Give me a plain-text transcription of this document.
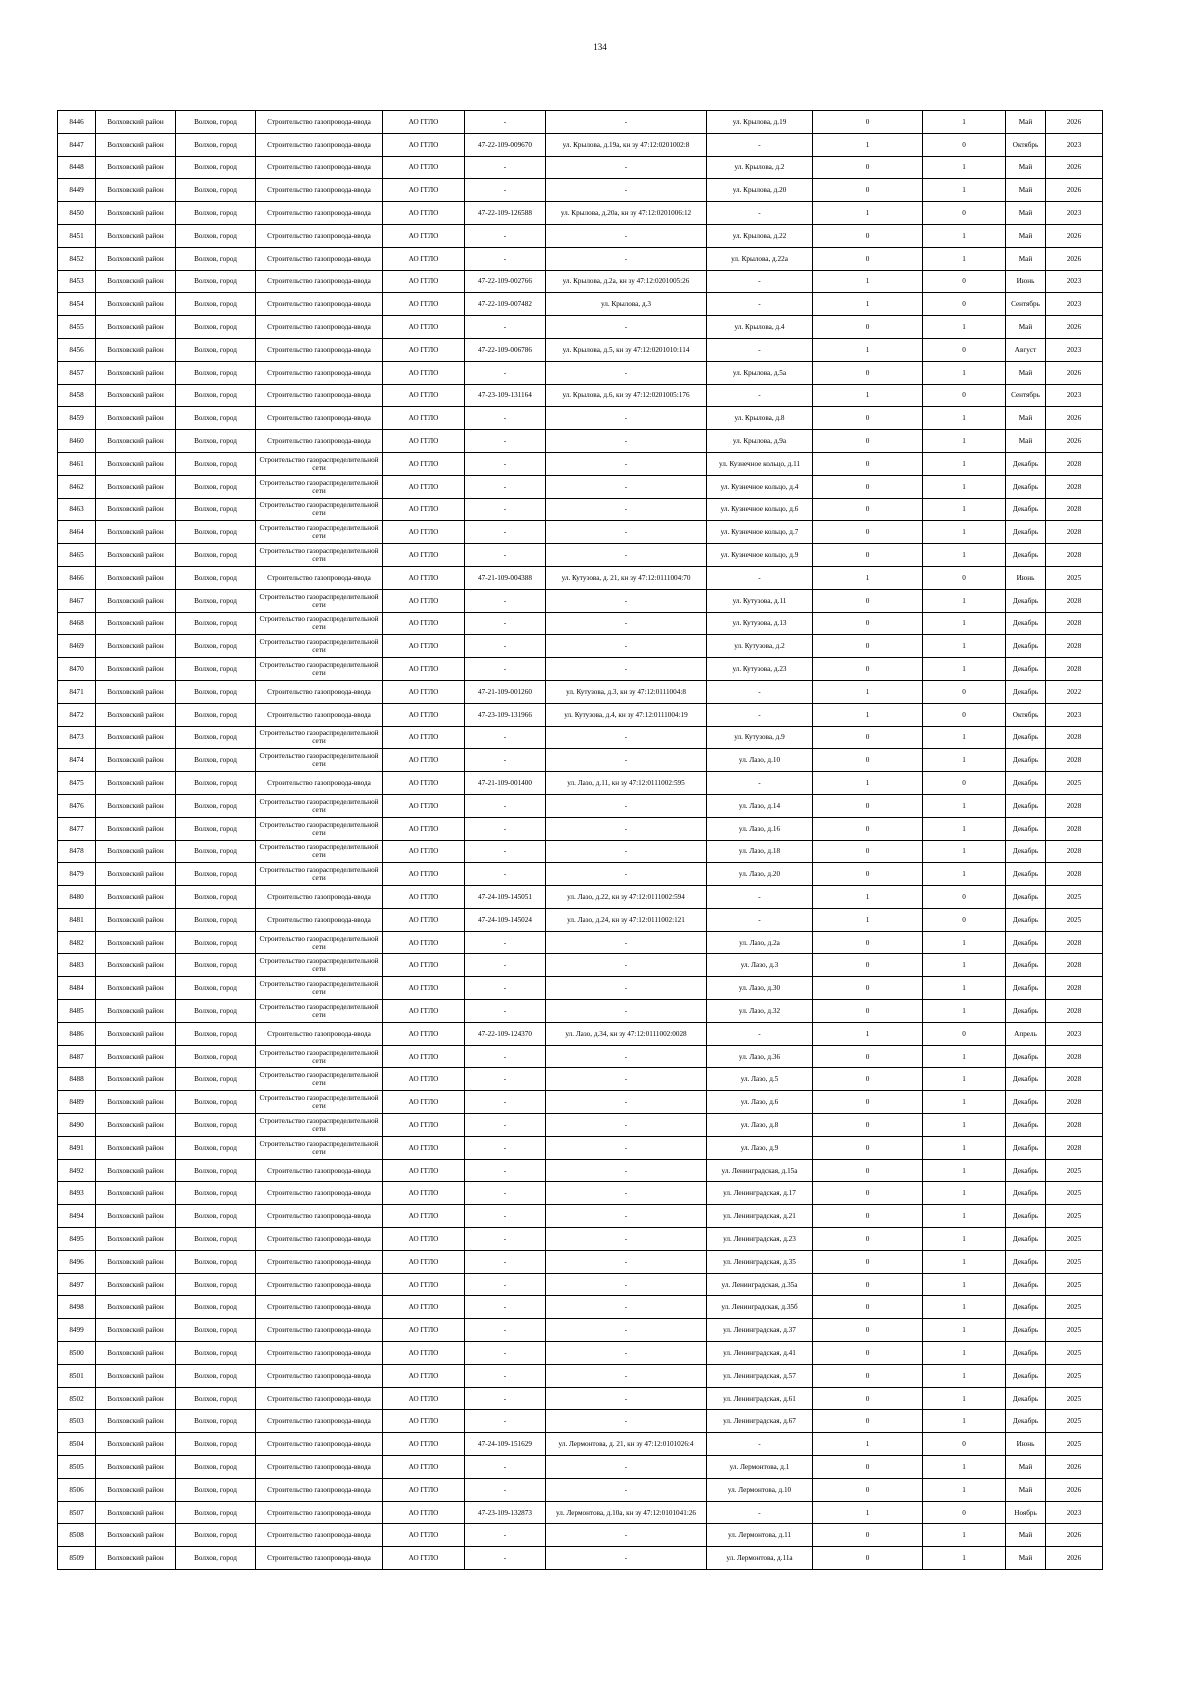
134
8446	Волховский район	Волхов, город	Строительство газопровода-ввода	АО ГГЛО	-	-	ул. Крылова, д.19	0	1	Май	2026
8447	Волховский район	Волхов, город	Строительство газопровода-ввода	АО ГГЛО	47-22-109-009670	ул. Крылова, д.19а, кн зу 47:12:0201002:8	-	1	0	Октябрь	2023
8448	Волховский район	Волхов, город	Строительство газопровода-ввода	АО ГГЛО	-	-	ул. Крылова, д.2	0	1	Май	2026
8449	Волховский район	Волхов, город	Строительство газопровода-ввода	АО ГГЛО	-	-	ул. Крылова, д.20	0	1	Май	2026
8450	Волховский район	Волхов, город	Строительство газопровода-ввода	АО ГГЛО	47-22-109-126588	ул. Крылова, д.20а, кн зу 47:12:0201006:12	-	1	0	Май	2023
8451	Волховский район	Волхов, город	Строительство газопровода-ввода	АО ГГЛО	-	-	ул. Крылова, д.22	0	1	Май	2026
8452	Волховский район	Волхов, город	Строительство газопровода-ввода	АО ГГЛО	-	-	ул. Крылова, д.22а	0	1	Май	2026
8453	Волховский район	Волхов, город	Строительство газопровода-ввода	АО ГГЛО	47-22-109-002766	ул. Крылова, д.2а, кн зу 47:12:0201005:26	-	1	0	Июнь	2023
8454	Волховский район	Волхов, город	Строительство газопровода-ввода	АО ГГЛО	47-22-109-007482	ул. Крылова, д.3	-	1	0	Сентябрь	2023
8455	Волховский район	Волхов, город	Строительство газопровода-ввода	АО ГГЛО	-	-	ул. Крылова, д.4	0	1	Май	2026
8456	Волховский район	Волхов, город	Строительство газопровода-ввода	АО ГГЛО	47-22-109-006786	ул. Крылова, д.5, кн зу 47:12:0201010:114	-	1	0	Август	2023
8457	Волховский район	Волхов, город	Строительство газопровода-ввода	АО ГГЛО	-	-	ул. Крылова, д.5а	0	1	Май	2026
8458	Волховский район	Волхов, город	Строительство газопровода-ввода	АО ГГЛО	47-23-109-131164	ул. Крылова, д.6, кн зу 47:12:0201005:176	-	1	0	Сентябрь	2023
8459	Волховский район	Волхов, город	Строительство газопровода-ввода	АО ГГЛО	-	-	ул. Крылова, д.8	0	1	Май	2026
8460	Волховский район	Волхов, город	Строительство газопровода-ввода	АО ГГЛО	-	-	ул. Крылова, д.9а	0	1	Май	2026
8461	Волховский район	Волхов, город	Строительство газораспределительной сети	АО ГГЛО	-	-	ул. Кузнечное кольцо, д.11	0	1	Декабрь	2028
8462	Волховский район	Волхов, город	Строительство газораспределительной сети	АО ГГЛО	-	-	ул. Кузнечное кольцо, д.4	0	1	Декабрь	2028
8463	Волховский район	Волхов, город	Строительство газораспределительной сети	АО ГГЛО	-	-	ул. Кузнечное кольцо, д.6	0	1	Декабрь	2028
8464	Волховский район	Волхов, город	Строительство газораспределительной сети	АО ГГЛО	-	-	ул. Кузнечное кольцо, д.7	0	1	Декабрь	2028
8465	Волховский район	Волхов, город	Строительство газораспределительной сети	АО ГГЛО	-	-	ул. Кузнечное кольцо, д.9	0	1	Декабрь	2028
8466	Волховский район	Волхов, город	Строительство газопровода-ввода	АО ГГЛО	47-21-109-004388	ул. Кутузова, д. 21, кн зу 47:12:0111004:70	-	1	0	Июнь	2025
8467	Волховский район	Волхов, город	Строительство газораспределительной сети	АО ГГЛО	-	-	ул. Кутузова, д.11	0	1	Декабрь	2028
8468	Волховский район	Волхов, город	Строительство газораспределительной сети	АО ГГЛО	-	-	ул. Кутузова, д.13	0	1	Декабрь	2028
8469	Волховский район	Волхов, город	Строительство газораспределительной сети	АО ГГЛО	-	-	ул. Кутузова, д.2	0	1	Декабрь	2028
8470	Волховский район	Волхов, город	Строительство газораспределительной сети	АО ГГЛО	-	-	ул. Кутузова, д.23	0	1	Декабрь	2028
8471	Волховский район	Волхов, город	Строительство газопровода-ввода	АО ГГЛО	47-21-109-001260	ул. Кутузова, д.3, кн зу 47:12:0111004:8	-	1	0	Декабрь	2022
8472	Волховский район	Волхов, город	Строительство газопровода-ввода	АО ГГЛО	47-23-109-131966	ул. Кутузова, д.4, кн зу 47:12:0111004:19	-	1	0	Октябрь	2023
8473	Волховский район	Волхов, город	Строительство газораспределительной сети	АО ГГЛО	-	-	ул. Кутузова, д.9	0	1	Декабрь	2028
8474	Волховский район	Волхов, город	Строительство газораспределительной сети	АО ГГЛО	-	-	ул. Лазо, д.10	0	1	Декабрь	2028
8475	Волховский район	Волхов, город	Строительство газопровода-ввода	АО ГГЛО	47-21-109-001400	ул. Лазо, д.11, кн зу 47:12:0111002:595	-	1	0	Декабрь	2025
8476	Волховский район	Волхов, город	Строительство газораспределительной сети	АО ГГЛО	-	-	ул. Лазо, д.14	0	1	Декабрь	2028
8477	Волховский район	Волхов, город	Строительство газораспределительной сети	АО ГГЛО	-	-	ул. Лазо, д.16	0	1	Декабрь	2028
8478	Волховский район	Волхов, город	Строительство газораспределительной сети	АО ГГЛО	-	-	ул. Лазо, д.18	0	1	Декабрь	2028
8479	Волховский район	Волхов, город	Строительство газораспределительной сети	АО ГГЛО	-	-	ул. Лазо, д.20	0	1	Декабрь	2028
8480	Волховский район	Волхов, город	Строительство газопровода-ввода	АО ГГЛО	47-24-109-145051	ул. Лазо, д.22, кн зу 47:12:0111002:594	-	1	0	Декабрь	2025
8481	Волховский район	Волхов, город	Строительство газопровода-ввода	АО ГГЛО	47-24-109-145024	ул. Лазо, д.24, кн зу 47:12:0111002:121	-	1	0	Декабрь	2025
8482	Волховский район	Волхов, город	Строительство газораспределительной сети	АО ГГЛО	-	-	ул. Лазо, д.2а	0	1	Декабрь	2028
8483	Волховский район	Волхов, город	Строительство газораспределительной сети	АО ГГЛО	-	-	ул. Лазо, д.3	0	1	Декабрь	2028
8484	Волховский район	Волхов, город	Строительство газораспределительной сети	АО ГГЛО	-	-	ул. Лазо, д.30	0	1	Декабрь	2028
8485	Волховский район	Волхов, город	Строительство газораспределительной сети	АО ГГЛО	-	-	ул. Лазо, д.32	0	1	Декабрь	2028
8486	Волховский район	Волхов, город	Строительство газопровода-ввода	АО ГГЛО	47-22-109-124370	ул. Лазо, д.34, кн зу 47:12:0111002:0028	-	1	0	Апрель	2023
8487	Волховский район	Волхов, город	Строительство газораспределительной сети	АО ГГЛО	-	-	ул. Лазо, д.36	0	1	Декабрь	2028
8488	Волховский район	Волхов, город	Строительство газораспределительной сети	АО ГГЛО	-	-	ул. Лазо, д.5	0	1	Декабрь	2028
8489	Волховский район	Волхов, город	Строительство газораспределительной сети	АО ГГЛО	-	-	ул. Лазо, д.6	0	1	Декабрь	2028
8490	Волховский район	Волхов, город	Строительство газораспределительной сети	АО ГГЛО	-	-	ул. Лазо, д.8	0	1	Декабрь	2028
8491	Волховский район	Волхов, город	Строительство газораспределительной сети	АО ГГЛО	-	-	ул. Лазо, д.9	0	1	Декабрь	2028
8492	Волховский район	Волхов, город	Строительство газопровода-ввода	АО ГГЛО	-	-	ул. Ленинградская, д.15а	0	1	Декабрь	2025
8493	Волховский район	Волхов, город	Строительство газопровода-ввода	АО ГГЛО	-	-	ул. Ленинградская, д.17	0	1	Декабрь	2025
8494	Волховский район	Волхов, город	Строительство газопровода-ввода	АО ГГЛО	-	-	ул. Ленинградская, д.21	0	1	Декабрь	2025
8495	Волховский район	Волхов, город	Строительство газопровода-ввода	АО ГГЛО	-	-	ул. Ленинградская, д.23	0	1	Декабрь	2025
8496	Волховский район	Волхов, город	Строительство газопровода-ввода	АО ГГЛО	-	-	ул. Ленинградская, д.35	0	1	Декабрь	2025
8497	Волховский район	Волхов, город	Строительство газопровода-ввода	АО ГГЛО	-	-	ул. Ленинградская, д.35а	0	1	Декабрь	2025
8498	Волховский район	Волхов, город	Строительство газопровода-ввода	АО ГГЛО	-	-	ул. Ленинградская, д.35б	0	1	Декабрь	2025
8499	Волховский район	Волхов, город	Строительство газопровода-ввода	АО ГГЛО	-	-	ул. Ленинградская, д.37	0	1	Декабрь	2025
8500	Волховский район	Волхов, город	Строительство газопровода-ввода	АО ГГЛО	-	-	ул. Ленинградская, д.41	0	1	Декабрь	2025
8501	Волховский район	Волхов, город	Строительство газопровода-ввода	АО ГГЛО	-	-	ул. Ленинградская, д.57	0	1	Декабрь	2025
8502	Волховский район	Волхов, город	Строительство газопровода-ввода	АО ГГЛО	-	-	ул. Ленинградская, д.61	0	1	Декабрь	2025
8503	Волховский район	Волхов, город	Строительство газопровода-ввода	АО ГГЛО	-	-	ул. Ленинградская, д.67	0	1	Декабрь	2025
8504	Волховский район	Волхов, город	Строительство газопровода-ввода	АО ГГЛО	47-24-109-151629	ул. Лермонтова, д. 21, кн зу 47:12:0101026:4	-	1	0	Июнь	2025
8505	Волховский район	Волхов, город	Строительство газопровода-ввода	АО ГГЛО	-	-	ул. Лермонтова, д.1	0	1	Май	2026
8506	Волховский район	Волхов, город	Строительство газопровода-ввода	АО ГГЛО	-	-	ул. Лермонтова, д.10	0	1	Май	2026
8507	Волховский район	Волхов, город	Строительство газопровода-ввода	АО ГГЛО	47-23-109-132873	ул. Лермонтова, д.10а, кн зу 47:12:0101041:26	-	1	0	Ноябрь	2023
8508	Волховский район	Волхов, город	Строительство газопровода-ввода	АО ГГЛО	-	-	ул. Лермонтова, д.11	0	1	Май	2026
8509	Волховский район	Волхов, город	Строительство газопровода-ввода	АО ГГЛО	-	-	ул. Лермонтова, д.11а	0	1	Май	2026
